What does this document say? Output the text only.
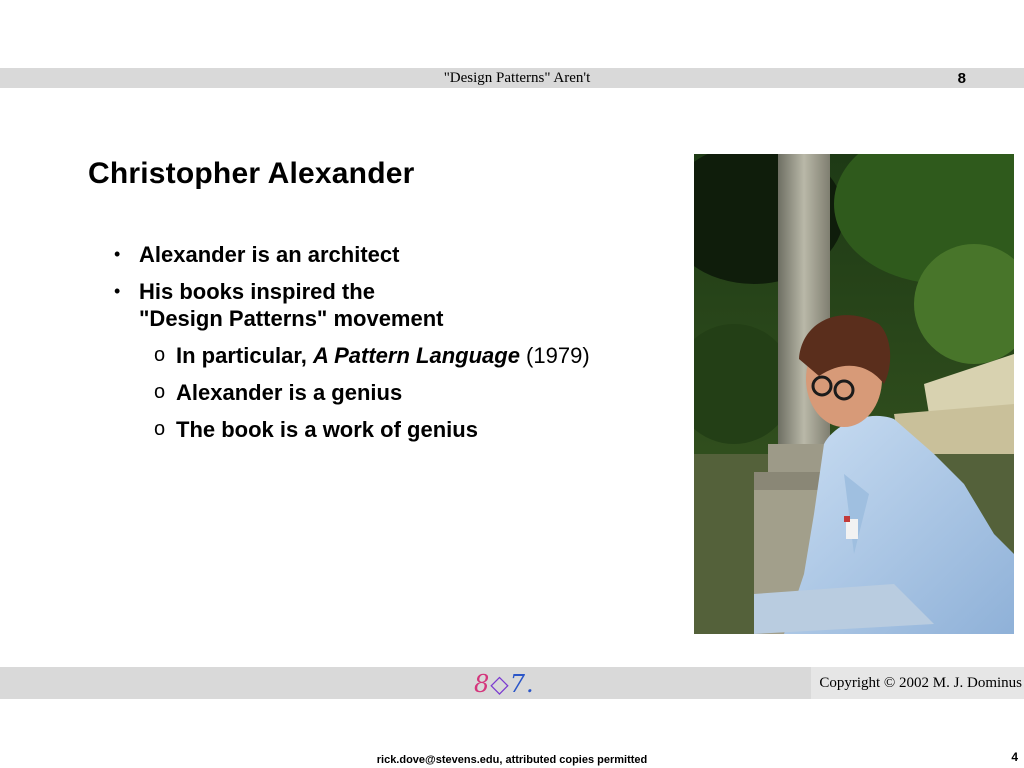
"Design Patterns" Aren't	8
Christopher Alexander
• Alexander is an architect
• His books inspired the
"Design Patterns" movement
o In particular, A Pattern Language (1979)
o Alexander is a genius
o The book is a work of genius
8◇7.	Copyright © 2002 M. J. Dominus
rick.dove@stevens.edu, attributed copies permitted	4
